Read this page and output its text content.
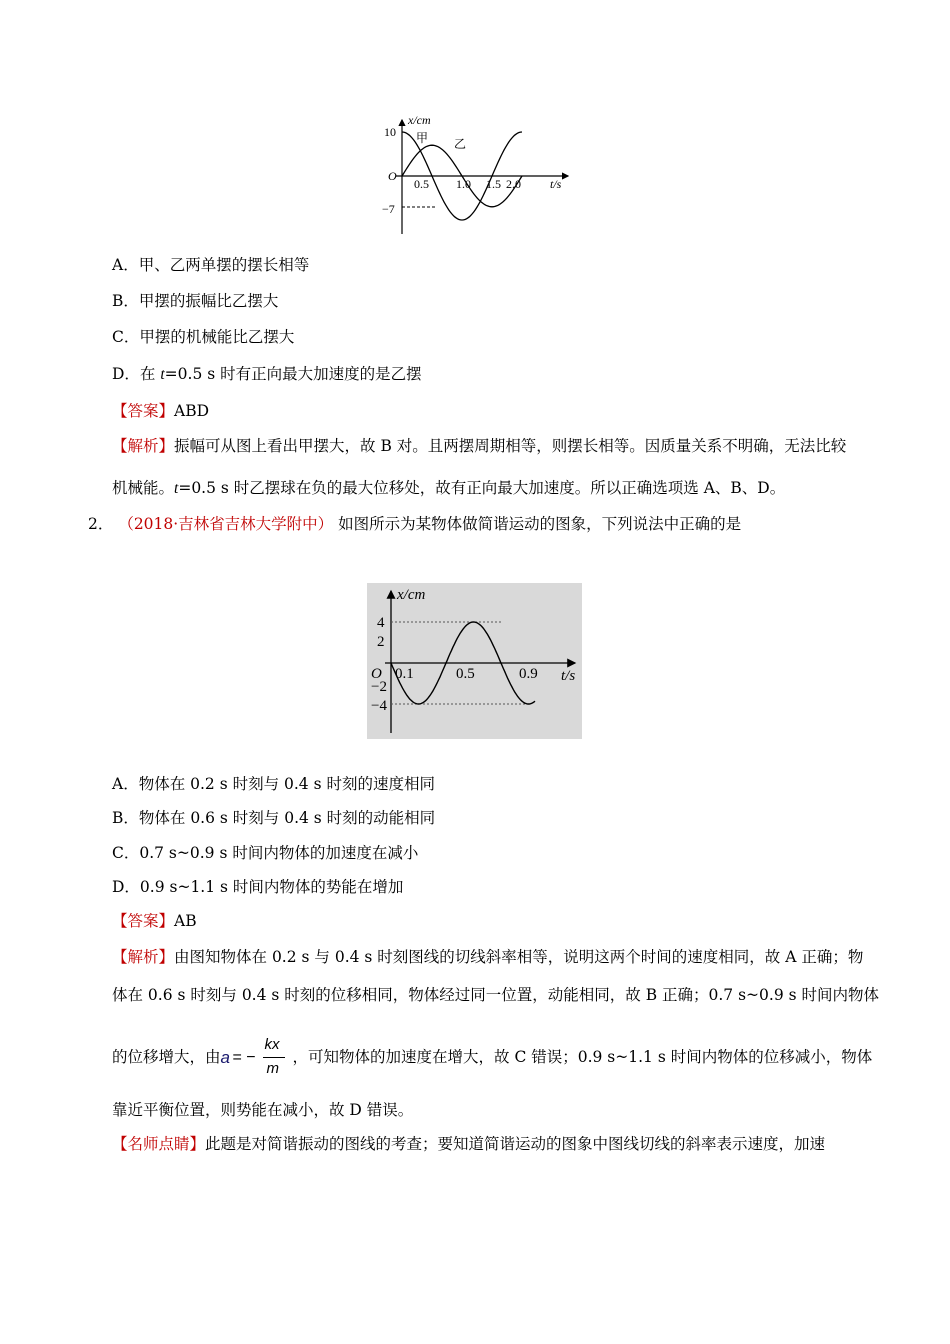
x/cm
10
−7
O
0.5 1.0 1.5 2.0 t/s
甲 乙
A．甲、乙两单摆的摆长相等
B．甲摆的振幅比乙摆大
C．甲摆的机械能比乙摆大
D．在 t=0.5 s 时有正向最大加速度的是乙摆
【答案】ABD
【解析】振幅可从图上看出甲摆大，故 B 对。且两摆周期相等，则摆长相等。因质量关系不明确，无法比较
机械能。t=0.5 s 时乙摆球在负的最大位移处，故有正向最大加速度。所以正确选项选 A、B、D。
2． （2018·吉林省吉林大学附中） 如图所示为某物体做简谐运动的图象，下列说法中正确的是
x/cm
4
2
−2
−4
O 0.1	0.5	0.9 t/s
A．物体在 0.2 s 时刻与 0.4 s 时刻的速度相同
B．物体在 0.6 s 时刻与 0.4 s 时刻的动能相同
C．0.7 s~0.9 s 时间内物体的加速度在减小
D．0.9 s~1.1 s 时间内物体的势能在增加
【答案】AB
【解析】由图知物体在 0.2 s 与 0.4 s 时刻图线的切线斜率相等，说明这两个时间的速度相同，故 A 正确；物
体在 0.6 s 时刻与 0.4 s 时刻的位移相同，物体经过同一位置，动能相同，故 B 正确；0.7 s~0.9 s 时间内物体
的位移增大，由 a = −
kx
m
，可知物体的加速度在增大，故 C 错误；0.9 s~1.1 s 时间内物体的位移减小，物体
靠近平衡位置，则势能在减小，故 D 错误。
【名师点睛】此题是对简谐振动的图线的考查；要知道简谐运动的图象中图线切线的斜率表示速度，加速
